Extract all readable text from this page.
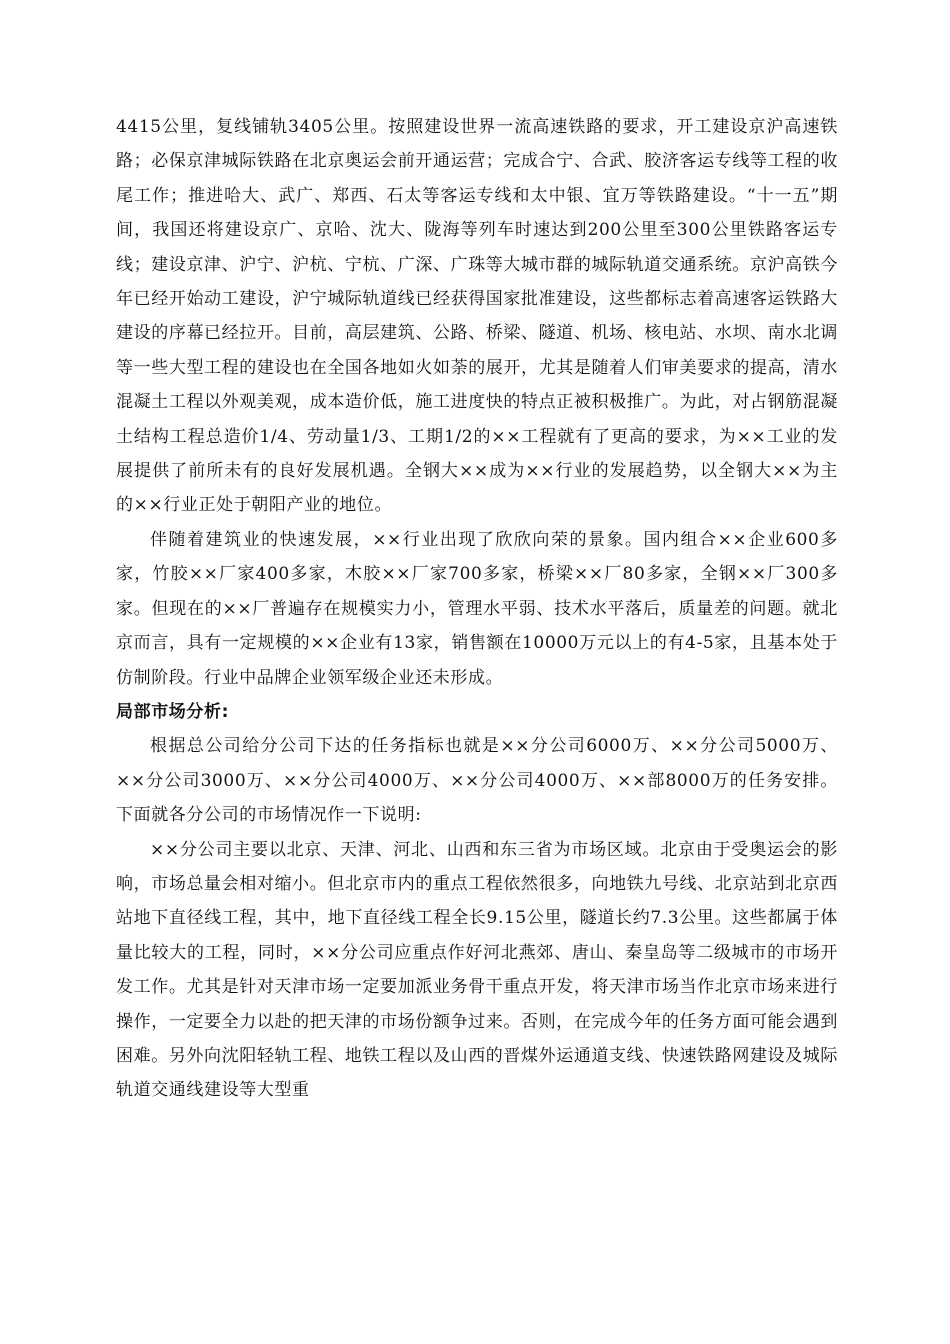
4415公里，复线铺轨3405公里。按照建设世界一流高速铁路的要求，开工建设京沪高速铁路；必保京津城际铁路在北京奥运会前开通运营；完成合宁、合武、胶济客运专线等工程的收尾工作；推进哈大、武广、郑西、石太等客运专线和太中银、宜万等铁路建设。“十一五”期间，我国还将建设京广、京哈、沈大、陇海等列车时速达到200公里至300公里铁路客运专线；建设京津、沪宁、沪杭、宁杭、广深、广珠等大城市群的城际轨道交通系统。京沪高铁今年已经开始动工建设，沪宁城际轨道线已经获得国家批准建设，这些都标志着高速客运铁路大建设的序幕已经拉开。目前，高层建筑、公路、桥梁、隧道、机场、核电站、水坝、南水北调等一些大型工程的建设也在全国各地如火如荼的展开，尤其是随着人们审美要求的提高，清水混凝土工程以外观美观，成本造价低，施工进度快的特点正被积极推广。为此，对占钢筋混凝土结构工程总造价1/4、劳动量1/3、工期1/2的××工程就有了更高的要求，为××工业的发展提供了前所未有的良好发展机遇。全钢大××成为××行业的发展趋势，以全钢大××为主的××行业正处于朝阳产业的地位。

伴随着建筑业的快速发展，××行业出现了欣欣向荣的景象。国内组合××企业600多家，竹胶××厂家400多家，木胶××厂家700多家，桥梁××厂80多家，全钢××厂300多家。但现在的××厂普遍存在规模实力小，管理水平弱、技术水平落后，质量差的问题。就北京而言，具有一定规模的××企业有13家，销售额在10000万元以上的有4-5家，且基本处于仿制阶段。行业中品牌企业领军级企业还未形成。

局部市场分析:

根据总公司给分公司下达的任务指标也就是××分公司6000万、××分公司5000万、××分公司3000万、××分公司4000万、××分公司4000万、××部8000万的任务安排。下面就各分公司的市场情况作一下说明:

××分公司主要以北京、天津、河北、山西和东三省为市场区域。北京由于受奥运会的影响，市场总量会相对缩小。但北京市内的重点工程依然很多，向地铁九号线、北京站到北京西站地下直径线工程，其中，地下直径线工程全长9.15公里，隧道长约7.3公里。这些都属于体量比较大的工程，同时，××分公司应重点作好河北燕郊、唐山、秦皇岛等二级城市的市场开发工作。尤其是针对天津市场一定要加派业务骨干重点开发，将天津市场当作北京市场来进行操作，一定要全力以赴的把天津的市场份额争过来。否则，在完成今年的任务方面可能会遇到困难。另外向沈阳轻轨工程、地铁工程以及山西的晋煤外运通道支线、快速铁路网建设及城际轨道交通线建设等大型重
